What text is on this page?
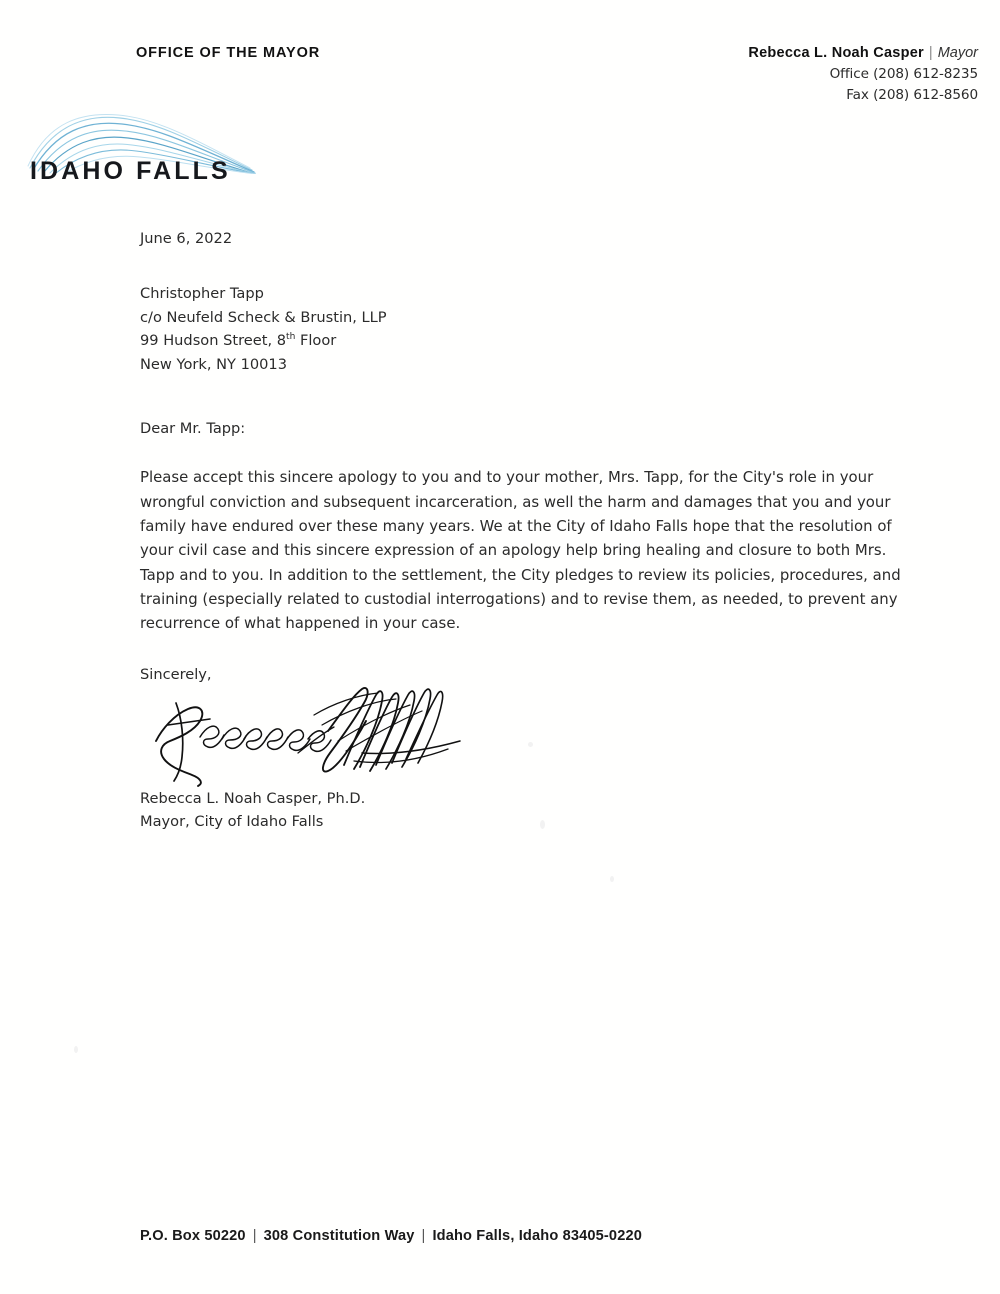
OFFICE OF THE MAYOR	Rebecca L. Noah Casper | Mayor
Office (208) 612-8235
Fax (208) 612-8560
IDAHO FALLS
June 6, 2022
Christopher Tapp
c/o Neufeld Scheck & Brustin, LLP
99 Hudson Street, 8th Floor
New York, NY 10013
Dear Mr. Tapp:
Please accept this sincere apology to you and to your mother, Mrs. Tapp, for the City's role in your wrongful conviction and subsequent incarceration, as well the harm and damages that you and your family have endured over these many years. We at the City of Idaho Falls hope that the resolution of your civil case and this sincere expression of an apology help bring healing and closure to both Mrs. Tapp and to you. In addition to the settlement, the City pledges to review its policies, procedures, and training (especially related to custodial interrogations) and to revise them, as needed, to prevent any recurrence of what happened in your case.
Sincerely,
Rebecca L. Noah Casper, Ph.D.
Mayor, City of Idaho Falls
P.O. Box 50220 | 308 Constitution Way | Idaho Falls, Idaho 83405-0220
